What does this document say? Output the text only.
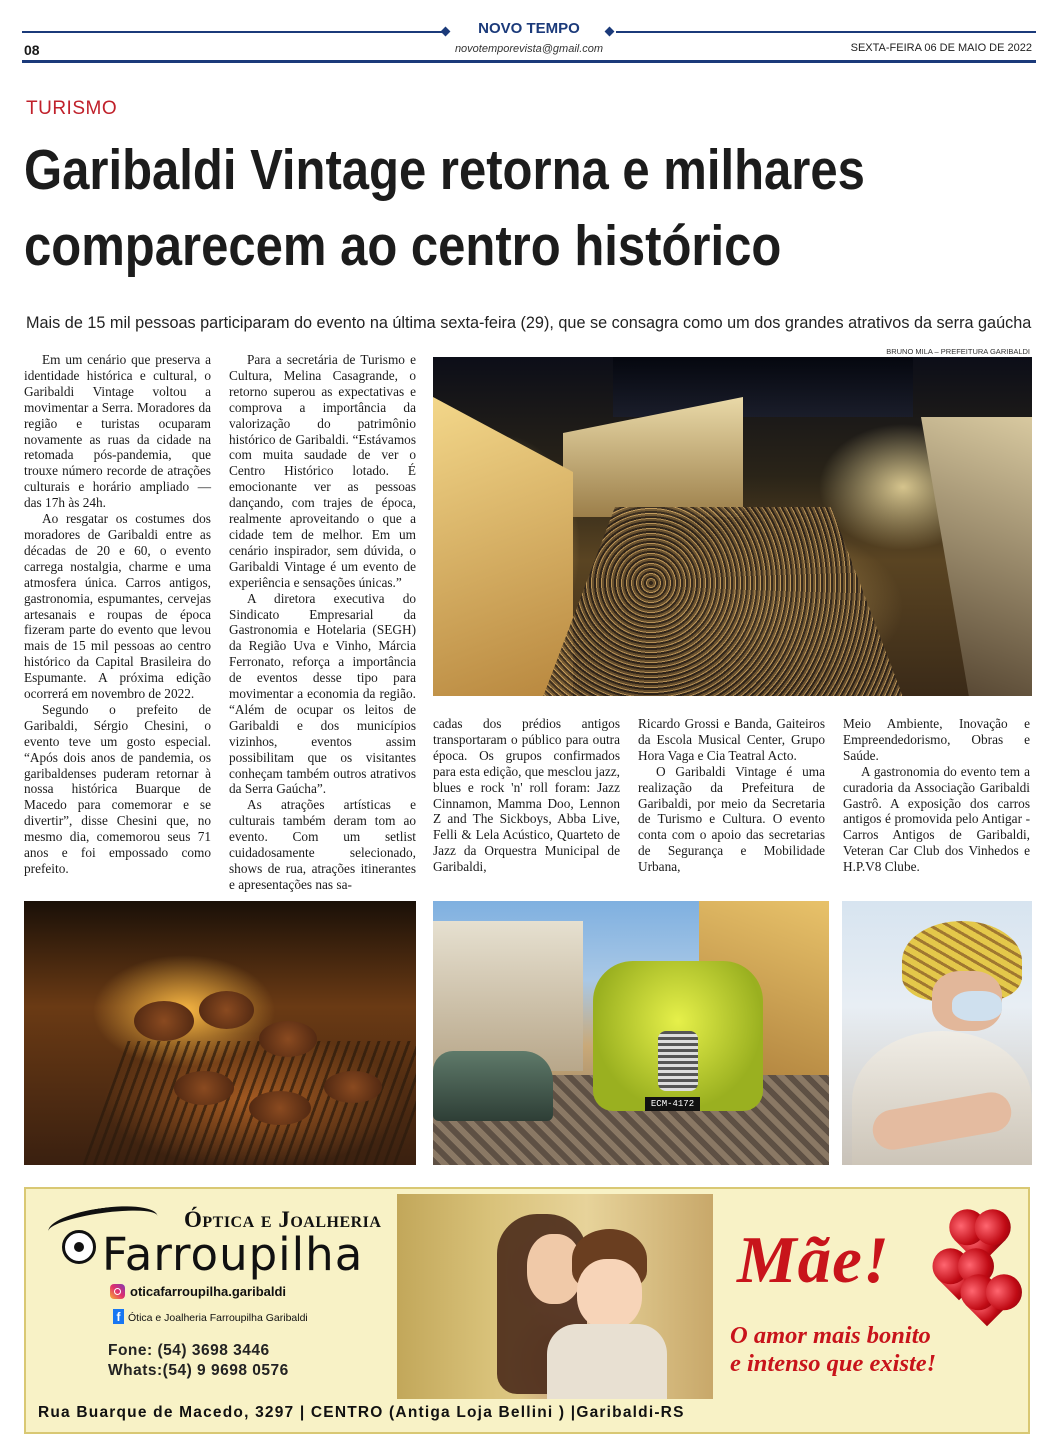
NOVO TEMPO
novotemporevista@gmail.com
08	SEXTA-FEIRA 06 DE MAIO DE 2022
TURISMO
Garibaldi Vintage retorna e milhares
comparecem ao centro histórico
Mais de 15 mil pessoas participaram do evento na última sexta-feira (29), que se consagra como um dos grandes atrativos da serra gaúcha
BRUNO MILA – PREFEITURA GARIBALDI

Em um cenário que preserva a identidade histórica e cultural, o Garibaldi Vintage voltou a movimentar a Serra. Moradores da região e turistas ocuparam novamente as ruas da cidade na retomada pós-pandemia, que trouxe número recorde de atrações culturais e horário ampliado — das 17h às 24h.

Ao resgatar os costumes dos moradores de Garibaldi entre as décadas de 20 e 60, o evento carrega nostalgia, charme e uma atmosfera única. Carros antigos, gastronomia, espumantes, cervejas artesanais e roupas de época fizeram parte do evento que levou mais de 15 mil pessoas ao centro histórico da Capital Brasileira do Espumante. A próxima edição ocorrerá em novembro de 2022.

Segundo o prefeito de Garibaldi, Sérgio Chesini, o evento teve um gosto especial. “Após dois anos de pandemia, os garibaldenses puderam retornar à nossa histórica Buarque de Macedo para comemorar e se divertir”, disse Chesini que, no mesmo dia, comemorou seus 71 anos e foi empossado como prefeito.

Para a secretária de Turismo e Cultura, Melina Casagrande, o retorno superou as expectativas e comprova a importância da valorização do patrimônio histórico de Garibaldi. “Estávamos com muita saudade de ver o Centro Histórico lotado. É emocionante ver as pessoas dançando, com trajes de época, realmente aproveitando o que a cidade tem de melhor. Em um cenário inspirador, sem dúvida, o Garibaldi Vintage é um evento de experiência e sensações únicas.”

A diretora executiva do Sindicato Empresarial da Gastronomia e Hotelaria (SEGH) da Região Uva e Vinho, Márcia Ferronato, reforça a importância de eventos desse tipo para movimentar a economia da região. “Além de ocupar os leitos de Garibaldi e dos municípios vizinhos, eventos assim possibilitam que os visitantes conheçam também outros atrativos da Serra Gaúcha”.

As atrações artísticas e culturais também deram tom ao evento. Com um setlist cuidadosamente selecionado, shows de rua, atrações itinerantes e apresentações nas sa-

cadas dos prédios antigos transportaram o público para outra época. Os grupos confirmados para esta edição, que mesclou jazz, blues e rock 'n' roll foram: Jazz Cinnamon, Mamma Doo, Lennon Z and The Sickboys, Abba Live, Felli & Lela Acústico, Quarteto de Jazz da Orquestra Municipal de Garibaldi,

Ricardo Grossi e Banda, Gaiteiros da Escola Musical Center, Grupo Hora Vaga e Cia Teatral Acto.

O Garibaldi Vintage é uma realização da Prefeitura de Garibaldi, por meio da Secretaria de Turismo e Cultura. O evento conta com o apoio das secretarias de Segurança e Mobilidade Urbana,

Meio Ambiente, Inovação e Empreendedorismo, Obras e Saúde.

A gastronomia do evento tem a curadoria da Associação Garibaldi Gastrô. A exposição dos carros antigos é promovida pelo Antigar - Carros Antigos de Garibaldi, Veteran Car Club dos Vinhedos e H.P.V8 Clube.

ECM-4172
Óptica e Joalheria
Farroupilha
oticafarroupilha.garibaldi
f Ótica e Joalheria Farroupilha Garibaldi
Fone: (54) 3698 3446
Whats:(54) 9 9698 0576
Mãe!
O amor mais bonito
e intenso que existe!
Rua Buarque de Macedo, 3297 | CENTRO (Antiga Loja Bellini ) |Garibaldi-RS
